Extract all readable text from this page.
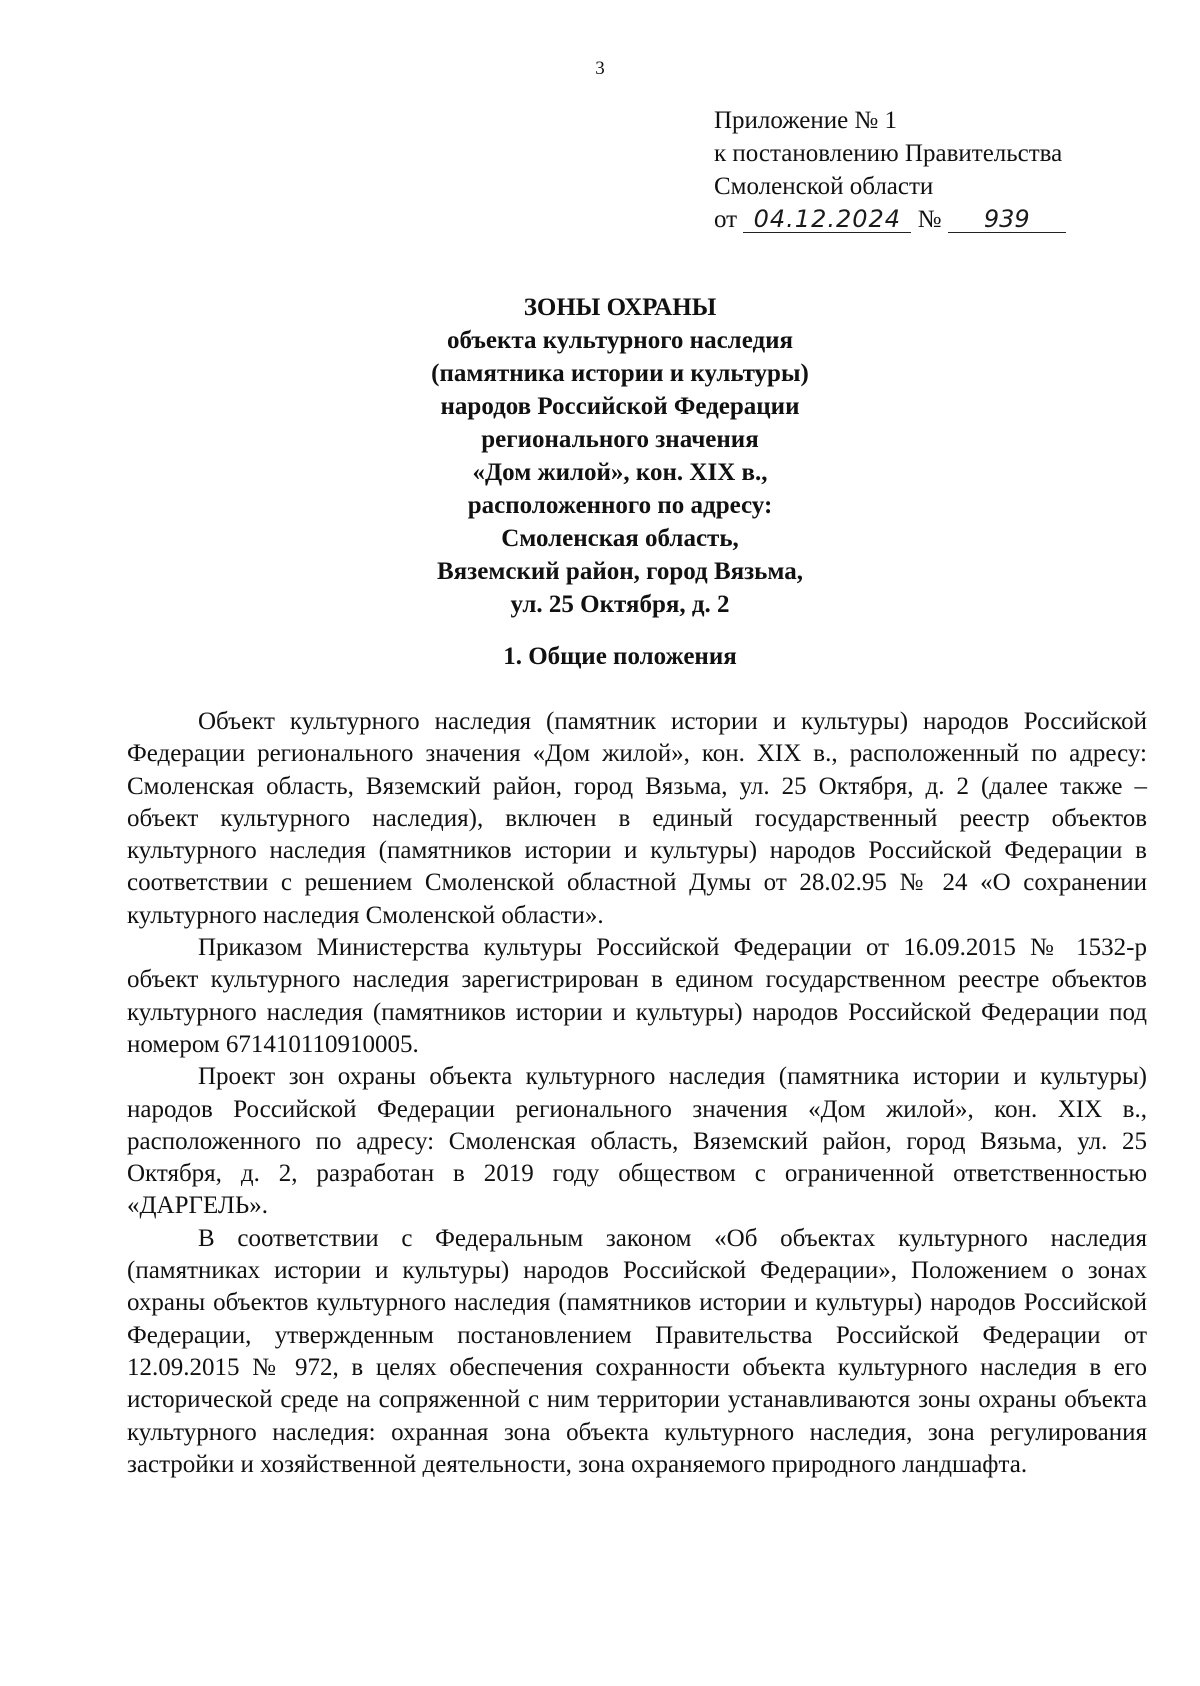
3
Приложение № 1
к постановлению Правительства
Смоленской области
от 04.12.2024 № 939
ЗОНЫ ОХРАНЫ
объекта культурного наследия
(памятника истории и культуры)
народов Российской Федерации
регионального значения
«Дом жилой», кон. XIX в.,
расположенного по адресу:
Смоленская область,
Вяземский район, город Вязьма,
ул. 25 Октября, д. 2
1. Общие положения

Объект культурного наследия (памятник истории и культуры) народов Российской Федерации регионального значения «Дом жилой», кон. XIX в., расположенный по адресу: Смоленская область, Вяземский район, город Вязьма, ул. 25 Октября, д. 2 (далее также – объект культурного наследия), включен в единый государственный реестр объектов культурного наследия (памятников истории и культуры) народов Российской Федерации в соответствии с решением Смоленской областной Думы от 28.02.95 № 24 «О сохранении культурного наследия Смоленской области».

Приказом Министерства культуры Российской Федерации от 16.09.2015 № 1532-р объект культурного наследия зарегистрирован в едином государственном реестре объектов культурного наследия (памятников истории и культуры) народов Российской Федерации под номером 671410110910005.

Проект зон охраны объекта культурного наследия (памятника истории и культуры) народов Российской Федерации регионального значения «Дом жилой», кон. XIX в., расположенного по адресу: Смоленская область, Вяземский район, город Вязьма, ул. 25 Октября, д. 2, разработан в 2019 году обществом с ограниченной ответственностью «ДАРГЕЛЬ».

В соответствии с Федеральным законом «Об объектах культурного наследия (памятниках истории и культуры) народов Российской Федерации», Положением о зонах охраны объектов культурного наследия (памятников истории и культуры) народов Российской Федерации, утвержденным постановлением Правительства Российской Федерации от 12.09.2015 № 972, в целях обеспечения сохранности объекта культурного наследия в его исторической среде на сопряженной с ним территории устанавливаются зоны охраны объекта культурного наследия: охранная зона объекта культурного наследия, зона регулирования застройки и хозяйственной деятельности, зона охраняемого природного ландшафта.
